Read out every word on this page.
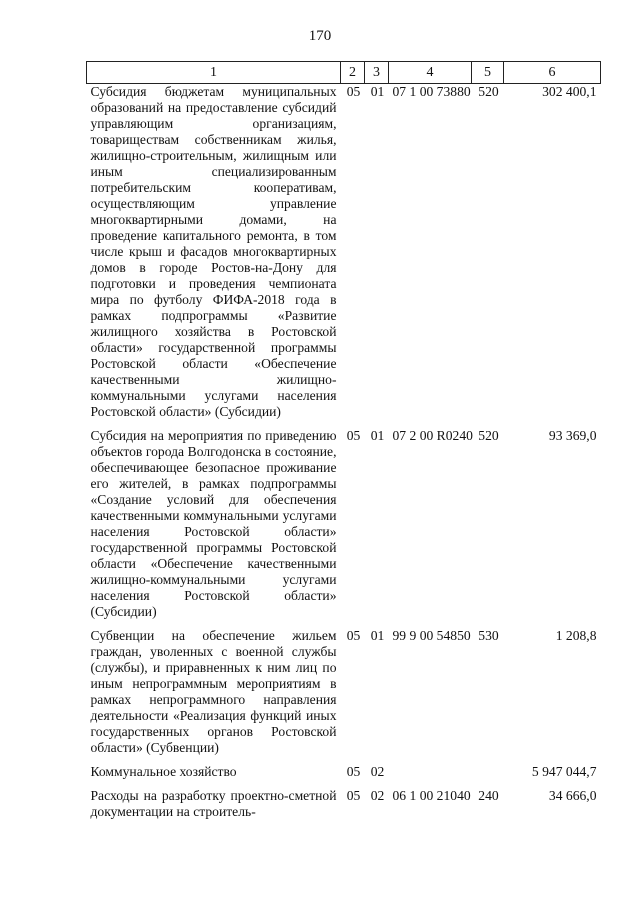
170
1	2	3	4	5	6
Субсидия бюджетам муниципальных образований на предоставление субсидий управляющим организациям, товариществам собственникам жилья, жилищно-строительным, жилищным или иным специализированным потребительским кооперативам, осуществляющим управление многоквартирными домами, на проведение капитального ремонта, в том числе крыш и фасадов многоквартирных домов в городе Ростов-на-Дону для подготовки и проведения чемпионата мира по футболу ФИФА-2018 года в рамках подпрограммы «Развитие жилищного хозяйства в Ростовской области» государственной программы Ростовской области «Обеспечение качественными жилищно-коммунальными услугами населения Ростовской области» (Субсидии)	05	01	07 1 00 73880	520	302 400,1
Субсидия на мероприятия по приведению объектов города Волгодонска в состояние, обеспечивающее безопасное проживание его жителей, в рамках подпрограммы «Создание условий для обеспечения качественными коммунальными услугами населения Ростовской области» государственной программы Ростовской области «Обеспечение качественными жилищно-коммунальными услугами населения Ростовской области» (Субсидии)	05	01	07 2 00 R0240	520	93 369,0
Субвенции на обеспечение жильем граждан, уволенных с военной службы (службы), и приравненных к ним лиц по иным непрограммным мероприятиям в рамках непрограммного направления деятельности «Реализация функций иных государственных органов Ростовской области» (Субвенции)	05	01	99 9 00 54850	530	1 208,8
Коммунальное хозяйство	05	02			5 947 044,7
Расходы на разработку проектно-сметной документации на строитель-	05	02	06 1 00 21040	240	34 666,0
